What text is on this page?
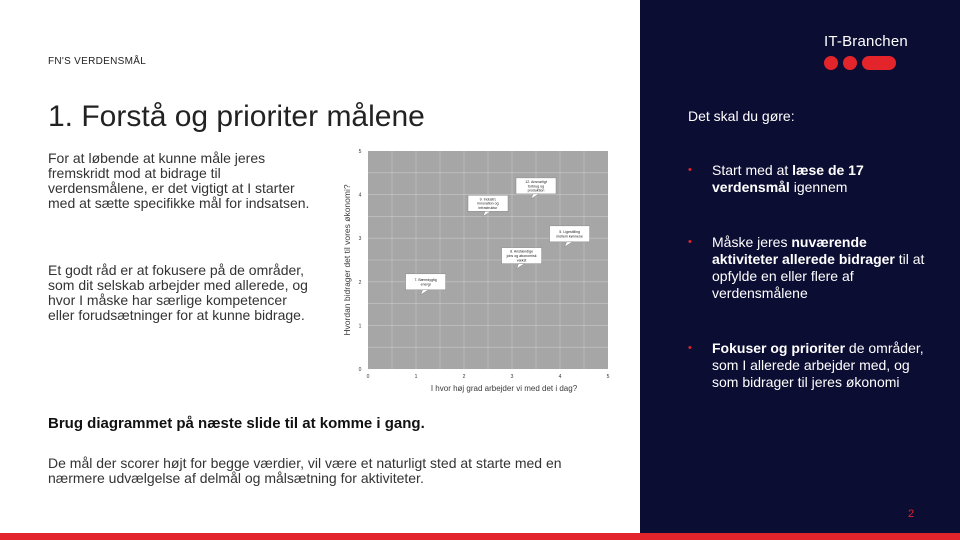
FN'S VERDENSMÅL
1. Forstå og prioriter målene

For at løbende at kunne måle jeres fremskridt mod at bidrage til verdensmålene, er det vigtigt at I starter med at sætte specifikke mål for indsatsen.

Et godt råd er at fokusere på de områder, som dit selskab arbejder med allerede, og hvor I måske har særlige kompetencer eller forudsætninger for at kunne bidrage.

0	1	2	3	4	5
0
1
2
3
4
5
I hvor høj grad arbejder vi med det i dag?
Hvordan bidrager det til vores økonomi?
12. Ansvarligt forbrug og produktion
9. Industri, innovation og infrastruktur
5. Ligestilling mellem kønnene
8. Anstændige jobs og økonomisk vækst
7. Bæredygtig energi

Brug diagrammet på næste slide til at komme i gang.

De mål der scorer højt for begge værdier, vil være et naturligt sted at starte med en nærmere udvælgelse af delmål og målsætning for aktiviteter.

IT-Branchen
Det skal du gøre:
• Start med at læse de 17 verdensmål igennem
• Måske jeres nuværende aktiviteter allerede bidrager til at opfylde en eller flere af verdensmålene
• Fokuser og prioriter de områder, som I allerede arbejder med, og som bidrager til jeres økonomi
2
